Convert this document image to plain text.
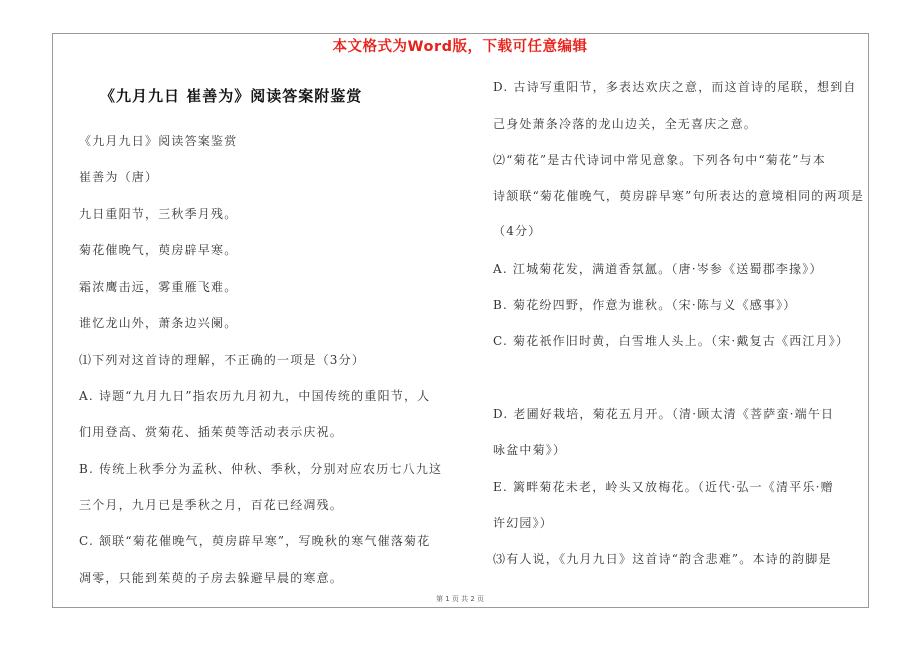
本文格式为Word版，下载可任意编辑
《九月九日 崔善为》阅读答案附鉴赏
《九月九日》阅读答案鉴赏
崔善为（唐）
九日重阳节，三秋季月残。
菊花催晚气，萸房辟早寒。
霜浓鹰击远，雾重雁飞难。
谁忆龙山外，萧条边兴阑。
⑴下列对这首诗的理解，不正确的一项是（3分）
A. 诗题“九月九日”指农历九月初九，中国传统的重阳节，人
们用登高、赏菊花、插茱萸等活动表示庆祝。
B. 传统上秋季分为孟秋、仲秋、季秋，分别对应农历七八九这
三个月，九月已是季秋之月，百花已经凋残。
C. 颔联“菊花催晚气，萸房辟早寒”，写晚秋的寒气催落菊花
凋零，只能到茱萸的子房去躲避早晨的寒意。
D. 古诗写重阳节，多表达欢庆之意，而这首诗的尾联，想到自
己身处萧条冷落的龙山边关，全无喜庆之意。
⑵“菊花”是古代诗词中常见意象。下列各句中“菊花”与本
诗颔联“菊花催晚气，萸房辟早寒”句所表达的意境相同的两项是
（4分）
A. 江城菊花发，满道香氛氲。（唐·岑参《送蜀郡李掾》）
B. 菊花纷四野，作意为谁秋。（宋·陈与义《感事》）
C. 菊花祇作旧时黄，白雪堆人头上。（宋·戴复古《西江月》）
D. 老圃好栽培，菊花五月开。（清·顾太清《菩萨蛮·端午日
咏盆中菊》）
E. 篱畔菊花未老，岭头又放梅花。（近代·弘一《清平乐·赠
许幻园》）
⑶有人说，《九月九日》这首诗“韵含悲难”。本诗的韵脚是
第 1 页 共 2 页
